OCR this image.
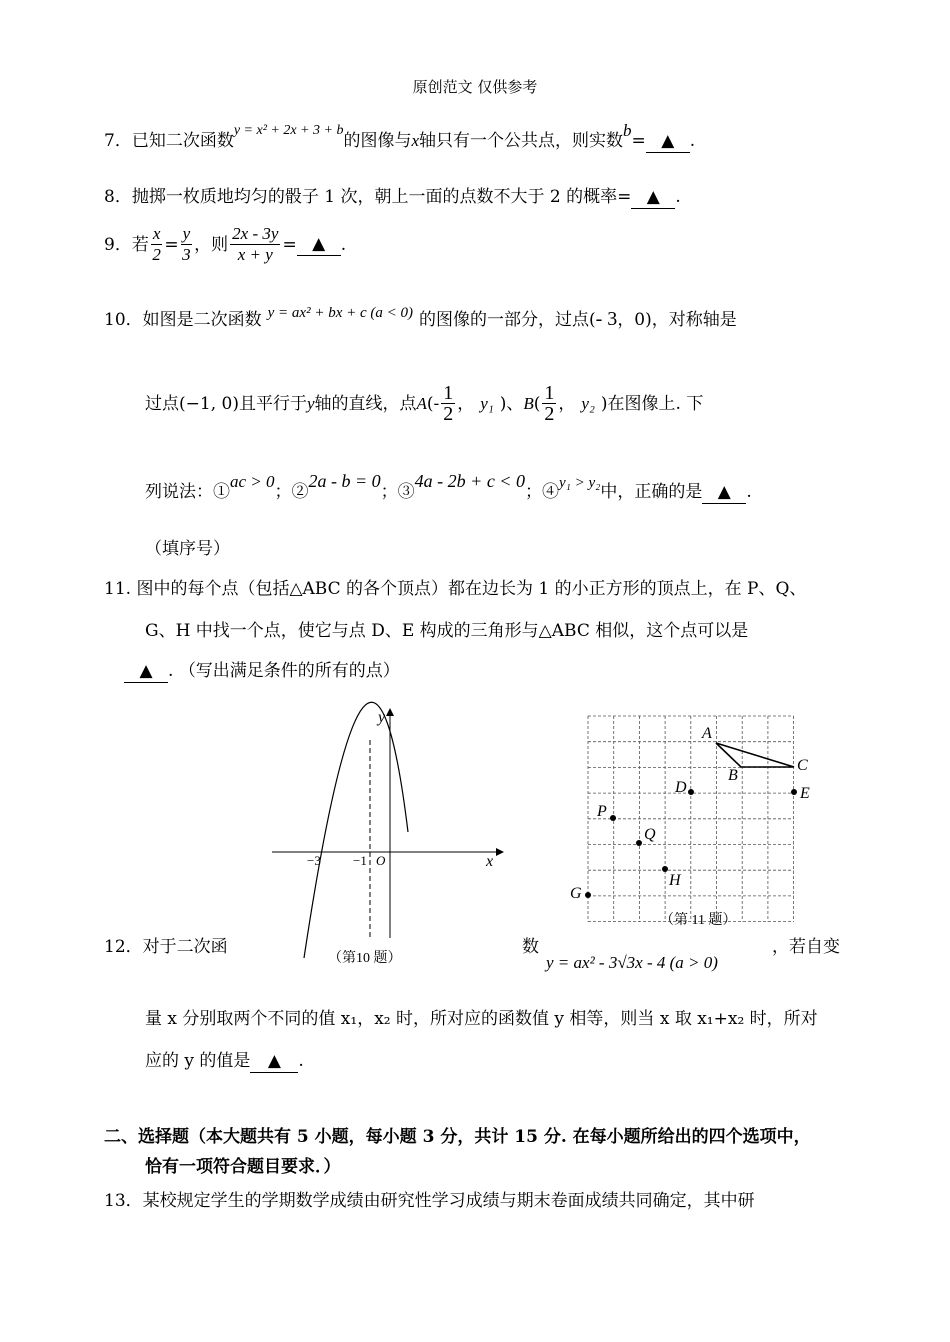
原创范文 仅供参考
7．已知二次函数$^{y = x^2 + 2x + 3 + b}$的图像与x轴只有一个公共点，则实数b= ▲ .
8．抛掷一枚质地均匀的骰子 1 次，朝上一面的点数不大于 2 的概率= ▲ .
9． 若 $\frac{x}{2} = \frac{y}{3}$ ，则 $\frac{2x - 3y}{x + y}$ = ▲ .
10．如图是二次函数 y = ax² + bx + c (a < 0) 的图像的一部分，过点(- 3，0)，对称轴是
过点(−1, 0)且平行于 y 轴的直线，点 A (- $\frac{1}{2}$ ， y₁ )、 B ( $\frac{1}{2}$ ， y₂ ) 在图像上. 下
列说法：①ac > 0；②2a - b = 0；③4a - 2b + c < 0；④y₁ > y₂中，正确的是 ▲ .
（填序号）
11. 图中的每个点（包括△ABC 的各个顶点）都在边长为 1 的小正方形的顶点上，在 P、Q、
G、H 中找一个点，使它与点 D、E 构成的三角形与△ABC 相似，这个点可以是
▲ . （写出满足条件的所有的点）
y
x
O
−3 −1
（第10 题）
A
B
C
D	E
P
Q
H
G
（第 11 题）
12．对于二次函	数
y = ax² - 3√3x - 4 (a > 0)
，若自变
量 x 分别取两个不同的值 x₁，x₂ 时，所对应的函数值 y 相等，则当 x 取 x₁+x₂ 时，所对
应的 y 的值是 ▲ .
二、选择题（本大题共有 5 小题，每小题 3 分，共计 15 分. 在每小题所给出的四个选项中，
恰有一项符合题目要求．）
13．某校规定学生的学期数学成绩由研究性学习成绩与期末卷面成绩共同确定，其中研
